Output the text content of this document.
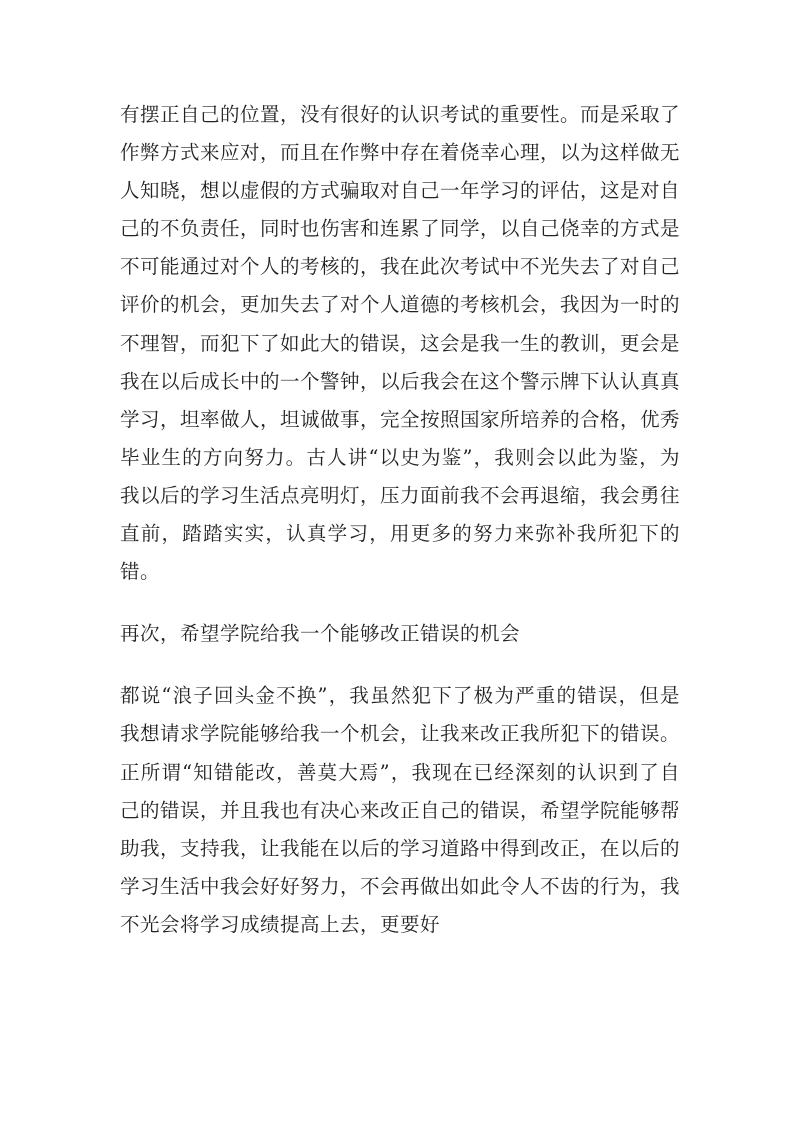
有摆正自己的位置，没有很好的认识考试的重要性。而是采取了作弊方式来应对，而且在作弊中存在着侥幸心理，以为这样做无人知晓，想以虚假的方式骗取对自己一年学习的评估，这是对自己的不负责任，同时也伤害和连累了同学，以自己侥幸的方式是不可能通过对个人的考核的，我在此次考试中不光失去了对自己评价的机会，更加失去了对个人道德的考核机会，我因为一时的不理智，而犯下了如此大的错误，这会是我一生的教训，更会是我在以后成长中的一个警钟，以后我会在这个警示牌下认认真真学习，坦率做人，坦诚做事，完全按照国家所培养的合格，优秀毕业生的方向努力。古人讲“以史为鉴”，我则会以此为鉴，为我以后的学习生活点亮明灯，压力面前我不会再退缩，我会勇往直前，踏踏实实，认真学习，用更多的努力来弥补我所犯下的错。

再次，希望学院给我一个能够改正错误的机会

都说“浪子回头金不换”，我虽然犯下了极为严重的错误，但是我想请求学院能够给我一个机会，让我来改正我所犯下的错误。正所谓“知错能改，善莫大焉”，我现在已经深刻的认识到了自己的错误，并且我也有决心来改正自己的错误，希望学院能够帮助我，支持我，让我能在以后的学习道路中得到改正，在以后的学习生活中我会好好努力，不会再做出如此令人不齿的行为，我不光会将学习成绩提高上去，更要好
